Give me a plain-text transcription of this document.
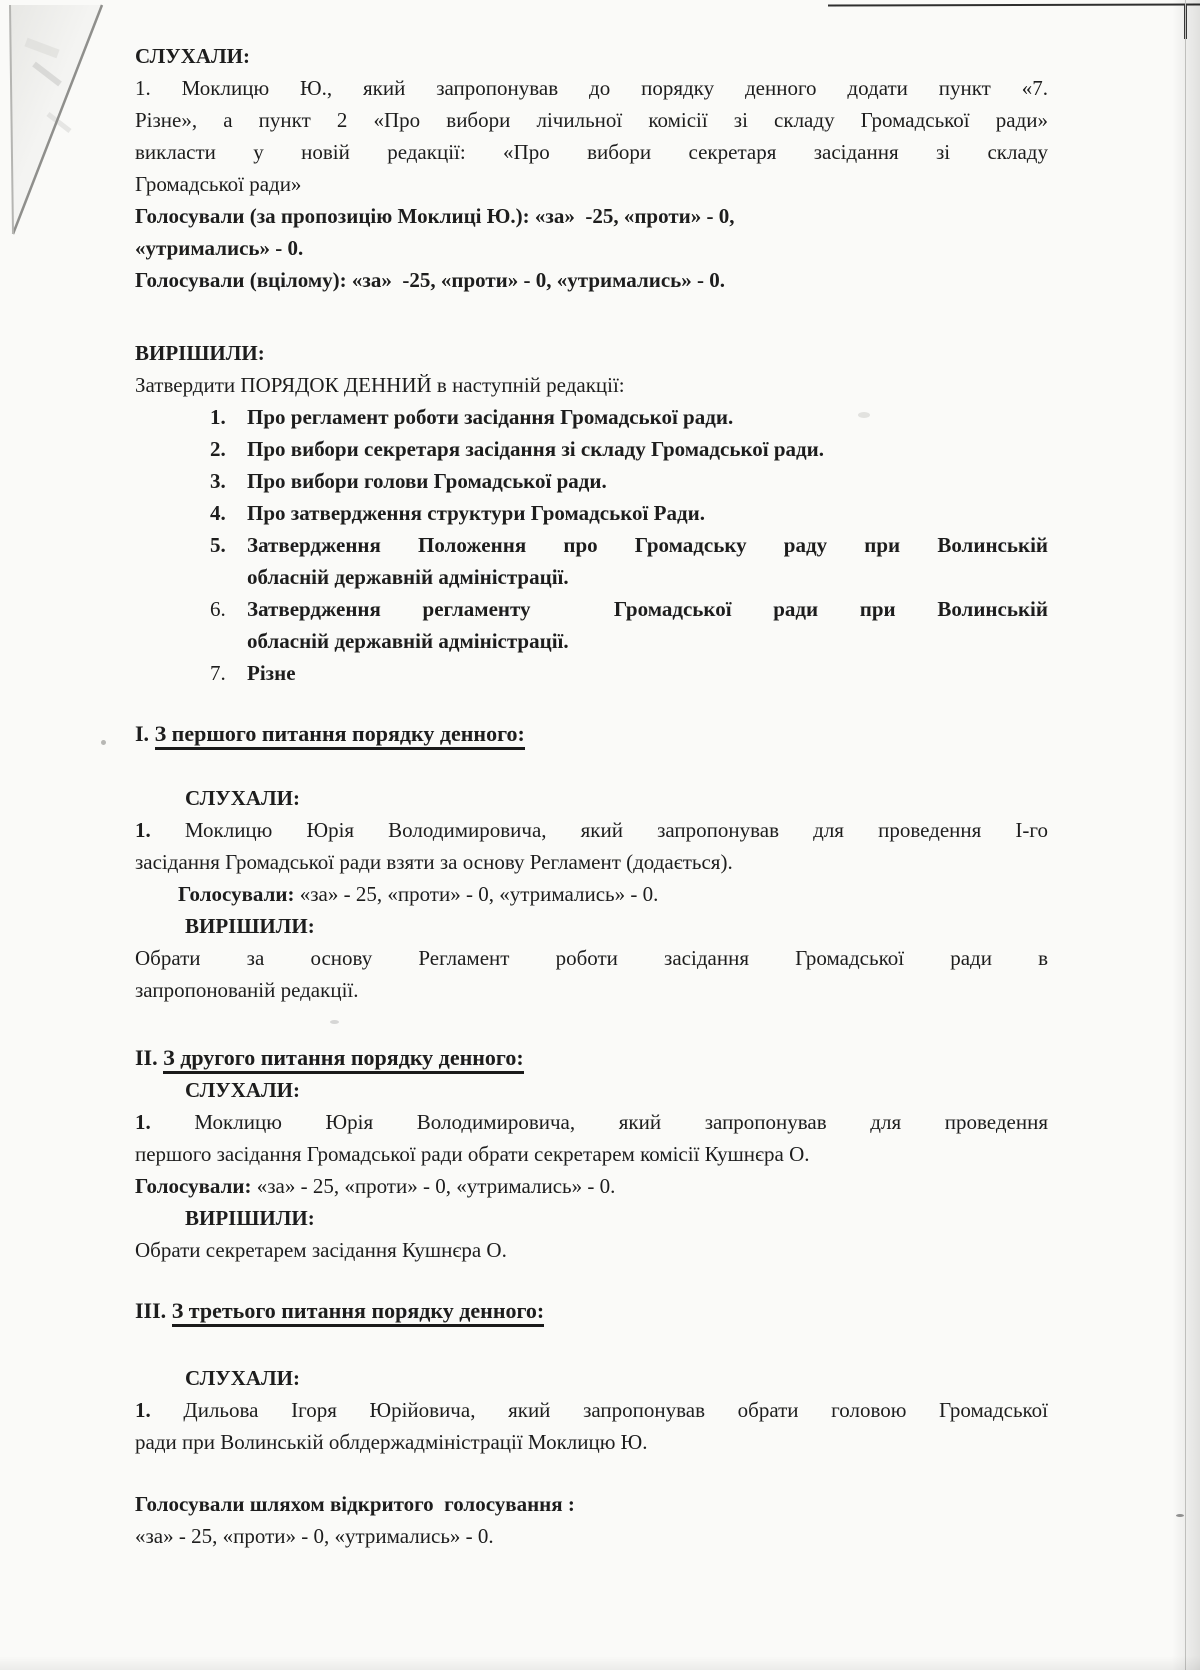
СЛУХАЛИ:
1. Моклицю Ю., який запропонував до порядку денного додати пункт «7.
Різне», а пункт 2 «Про вибори лічильної комісії зі складу Громадської ради»
викласти у новій редакції: «Про вибори секретаря засідання зі складу
Громадської ради»
Голосували (за пропозицію Моклиці Ю.): «за»  -25, «проти» - 0,
«утримались» - 0.
Голосували (вцілому): «за»  -25, «проти» - 0, «утримались» - 0.
ВИРІШИЛИ:
Затвердити ПОРЯДОК ДЕННИЙ в наступній редакції:
1.	Про регламент роботи засідання Громадської ради.
2.	Про вибори секретаря засідання зі складу Громадської ради.
3.	Про вибори голови Громадської ради.
4.	Про затвердження структури Громадської Ради.
5.	Затвердження Положення про Громадську раду при Волинській
обласній державній адміністрації.
6.	Затвердження регламенту  Громадської ради при Волинській
обласній державній адміністрації.
7.	Різне
I. З першого питання порядку денного:
СЛУХАЛИ:
1. Моклицю Юрія Володимировича, який запропонував для проведення І-го
засідання Громадської ради взяти за основу Регламент (додається).
Голосували: «за» - 25, «проти» - 0, «утримались» - 0.
ВИРІШИЛИ:
Обрати за основу Регламент роботи засідання Громадської ради в
запропонованій редакції.
II. З другого питання порядку денного:
СЛУХАЛИ:
1. Моклицю Юрія Володимировича, який запропонував для проведення
першого засідання Громадської ради обрати секретарем комісії Кушнєра О.
Голосували: «за» - 25, «проти» - 0, «утримались» - 0.
ВИРІШИЛИ:
Обрати секретарем засідання Кушнєра О.
III. З третього питання порядку денного:
СЛУХАЛИ:
1. Дильова Ігоря Юрійовича, який запропонував обрати головою Громадської
ради при Волинській облдержадміністрації Моклицю Ю.
Голосували шляхом відкритого  голосування :
«за» - 25, «проти» - 0, «утримались» - 0.
